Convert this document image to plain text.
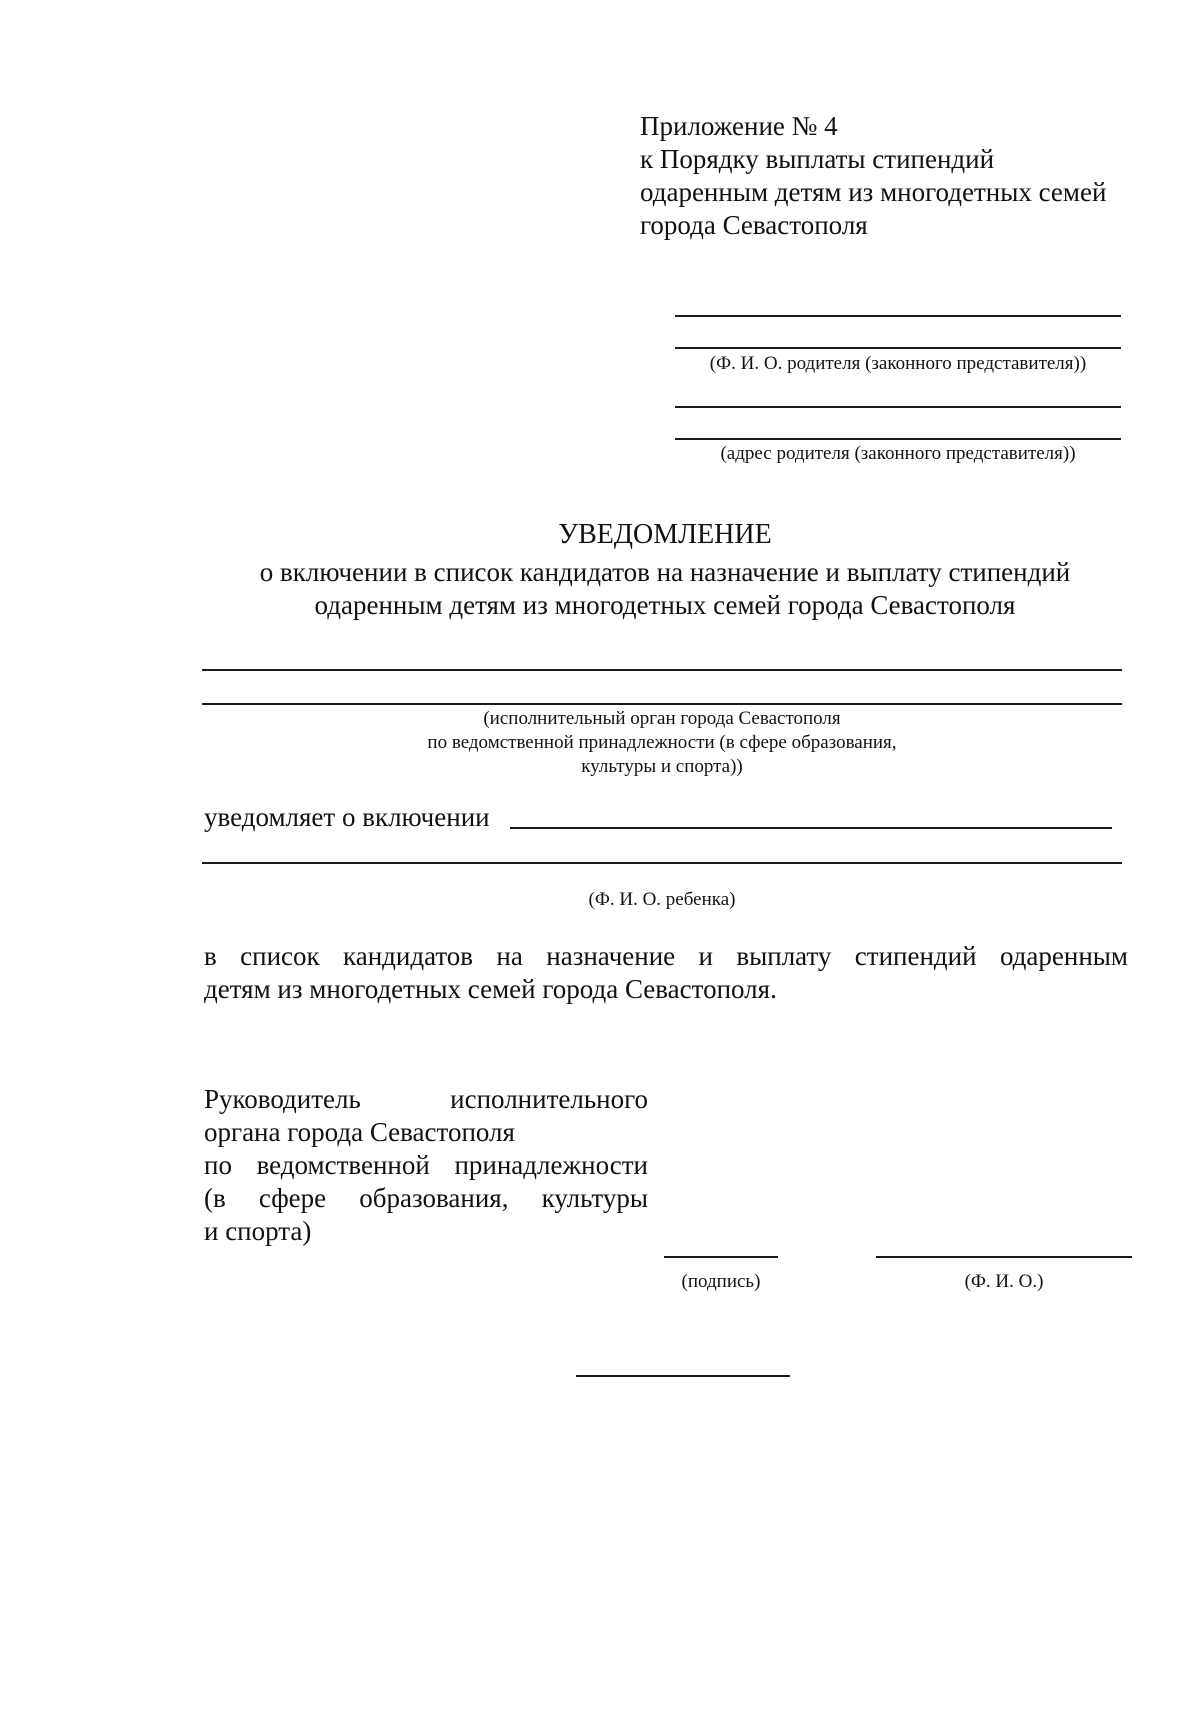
Приложение № 4
к Порядку выплаты стипендий
одаренным детям из многодетных семей
города Севастополя
(Ф. И. О. родителя (законного представителя))
(адрес родителя (законного представителя))
УВЕДОМЛЕНИЕ
о включении в список кандидатов на назначение и выплату стипендий
одаренным детям из многодетных семей города Севастополя
(исполнительный орган города Севастополя
по ведомственной принадлежности (в сфере образования,
культуры и спорта))
уведомляет о включении
(Ф. И. О. ребенка)
в список кандидатов на назначение и выплату стипендий одаренным
детям из многодетных семей города Севастополя.
Руководитель исполнительного
органа города Севастополя
по ведомственной принадлежности
(в сфере образования, культуры
и спорта)
(подпись)	(Ф. И. О.)
